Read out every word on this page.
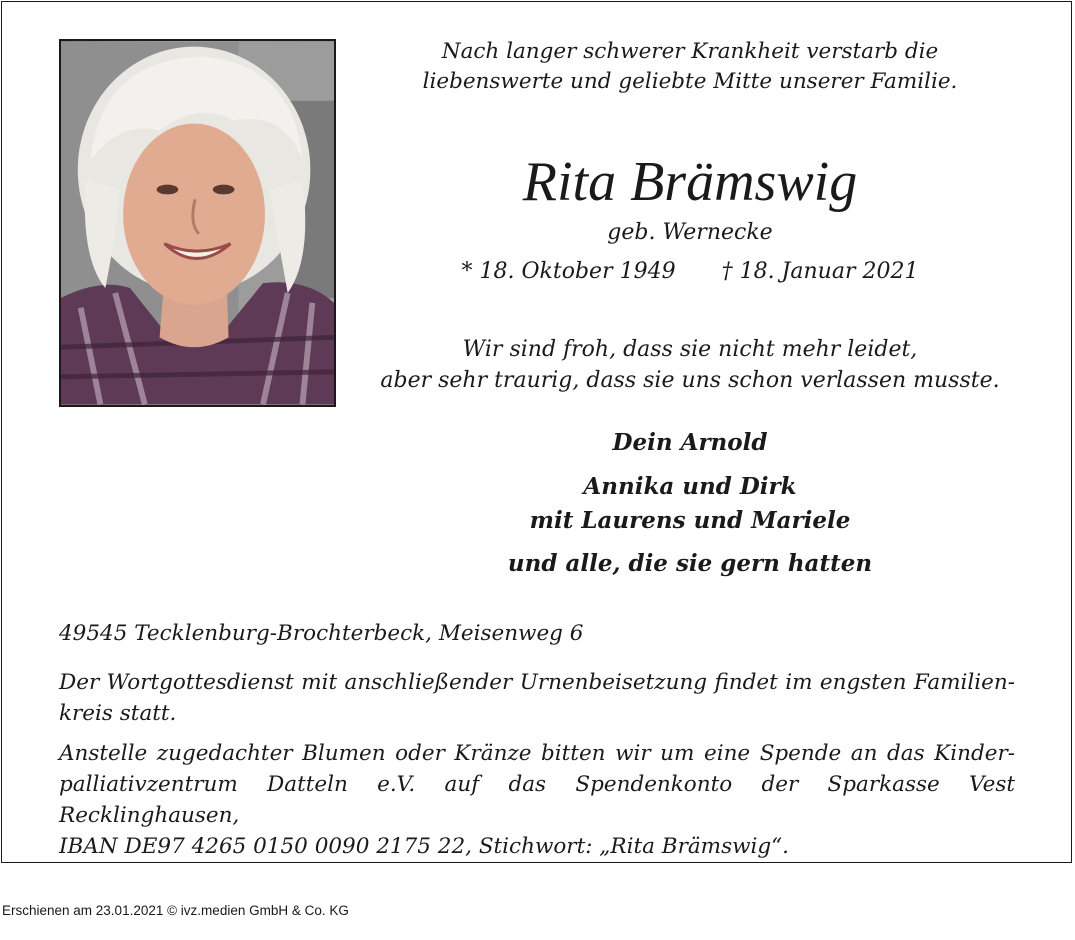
Nach langer schwerer Krankheit verstarb die
liebenswerte und geliebte Mitte unserer Familie.
Rita Brämswig
geb. Wernecke
* 18. Oktober 1949 † 18. Januar 2021
Wir sind froh, dass sie nicht mehr leidet,
aber sehr traurig, dass sie uns schon verlassen musste.
Dein Arnold
Annika und Dirk
mit Laurens und Mariele
und alle, die sie gern hatten
49545 Tecklenburg-Brochterbeck, Meisenweg 6
Der Wortgottesdienst mit anschließender Urnenbeisetzung findet im engsten Familien-
kreis statt.
Anstelle zugedachter Blumen oder Kränze bitten wir um eine Spende an das Kinder-
palliativzentrum Datteln e.V. auf das Spendenkonto der Sparkasse Vest Recklinghausen,
IBAN DE97 4265 0150 0090 2175 22, Stichwort: „Rita Brämswig“.
Erschienen am 23.01.2021 © ivz.medien GmbH & Co. KG
